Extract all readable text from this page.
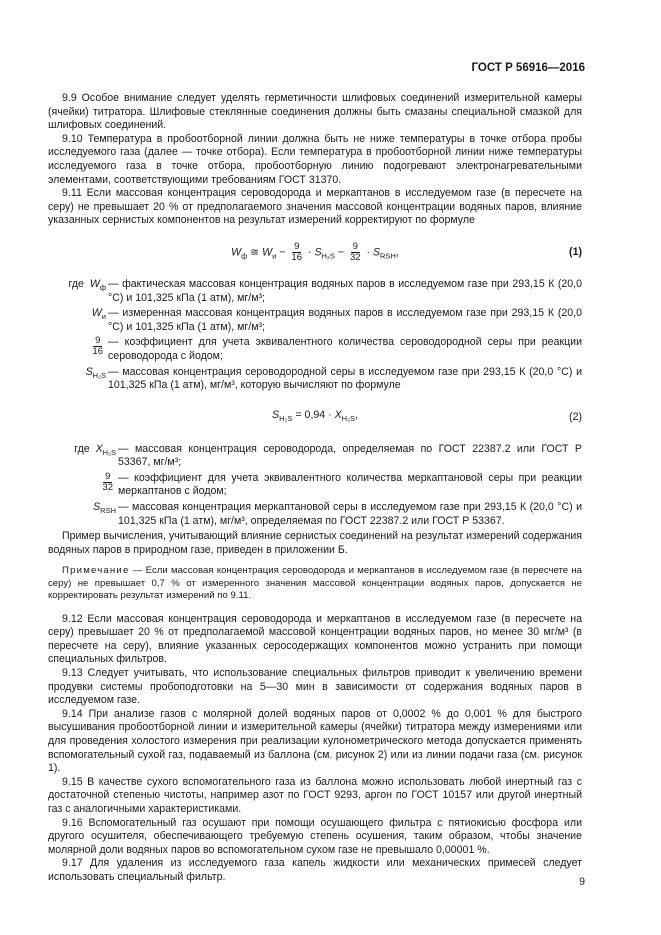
ГОСТ Р 56916—2016

9.9 Особое внимание следует уделять герметичности шлифовых соединений измерительной камеры (ячейки) титратора. Шлифовые стеклянные соединения должны быть смазаны специальной смазкой для шлифовых соединений.

9.10 Температура в пробоотборной линии должна быть не ниже температуры в точке отбора пробы исследуемого газа (далее — точке отбора). Если температура в пробоотборной линии ниже температуры исследуемого газа в точке отбора, пробоотборную линию подогревают электронагревательными элементами, соответствующими требованиям ГОСТ 31370.

9.11 Если массовая концентрация сероводорода и меркаптанов в исследуемом газе (в пересчете на серу) не превышает 20 % от предполагаемого значения массовой концентрации водяных паров, влияние указанных сернистых компонентов на результат измерений корректируют по формуле

$W_ф$ ≅ $W_и - \frac{9}{16} \cdot S_{H_2S} - \frac{9}{32} \cdot S_{RSH}$,	(1)
где $W_ф$ — фактическая массовая концентрация водяных паров в исследуемом газе при 293,15 К (20,0 °С) и 101,325 кПа (1 атм), мг/м³;
$W_и$ — измеренная массовая концентрация водяных паров в исследуемом газе при 293,15 К (20,0 °С) и 101,325 кПа (1 атм), мг/м³;
$\frac{9}{16}$ — коэффициент для учета эквивалентного количества сероводородной серы при реакции сероводорода с йодом;
$S_{H_2S}$ — массовая концентрация сероводородной серы в исследуемом газе при 293,15 К (20,0 °С) и 101,325 кПа (1 атм), мг/м³, которую вычисляют по формуле
$S_{H_2S} = 0,94 \cdot X_{H_2S}$,	(2)
где $X_{H_2S}$ — массовая концентрация сероводорода, определяемая по ГОСТ 22387.2 или ГОСТ Р 53367, мг/м³;
$\frac{9}{32}$ — коэффициент для учета эквивалентного количества меркаптановой серы при реакции меркаптанов с йодом;
$S_{RSH}$ — массовая концентрация меркаптановой серы в исследуемом газе при 293,15 К (20,0 °С) и 101,325 кПа (1 атм), мг/м³, определяемая по ГОСТ 22387.2 или ГОСТ Р 53367.

Пример вычисления, учитывающий влияние сернистых соединений на результат измерений содержания водяных паров в природном газе, приведен в приложении Б.

Примечание — Если массовая концентрация сероводорода и меркаптанов в исследуемом газе (в пересчете на серу) не превышает 0,7 % от измеренного значения массовой концентрации водяных паров, допускается не корректировать результат измерений по 9.11.

9.12 Если массовая концентрация сероводорода и меркаптанов в исследуемом газе (в пересчете на серу) превышает 20 % от предполагаемой массовой концентрации водяных паров, но менее 30 мг/м³ (в пересчете на серу), влияние указанных серосодержащих компонентов можно устранить при помощи специальных фильтров.

9.13 Следует учитывать, что использование специальных фильтров приводит к увеличению времени продувки системы пробоподготовки на 5—30 мин в зависимости от содержания водяных паров в исследуемом газе.

9.14 При анализе газов с молярной долей водяных паров от 0,0002 % до 0,001 % для быстрого высушивания пробоотборной линии и измерительной камеры (ячейки) титратора между измерениями или для проведения холостого измерения при реализации кулонометрического метода допускается применять вспомогательный сухой газ, подаваемый из баллона (см. рисунок 2) или из линии подачи газа (см. рисунок 1).

9.15 В качестве сухого вспомогательного газа из баллона можно использовать любой инертный газ с достаточной степенью чистоты, например азот по ГОСТ 9293, аргон по ГОСТ 10157 или другой инертный газ с аналогичными характеристиками.

9.16 Вспомогательный газ осушают при помощи осушающего фильтра с пятиокисью фосфора или другого осушителя, обеспечивающего требуемую степень осушения, таким образом, чтобы значение молярной доли водяных паров во вспомогательном сухом газе не превышало 0,00001 %.

9.17 Для удаления из исследуемого газа капель жидкости или механических примесей следует использовать специальный фильтр.	9
